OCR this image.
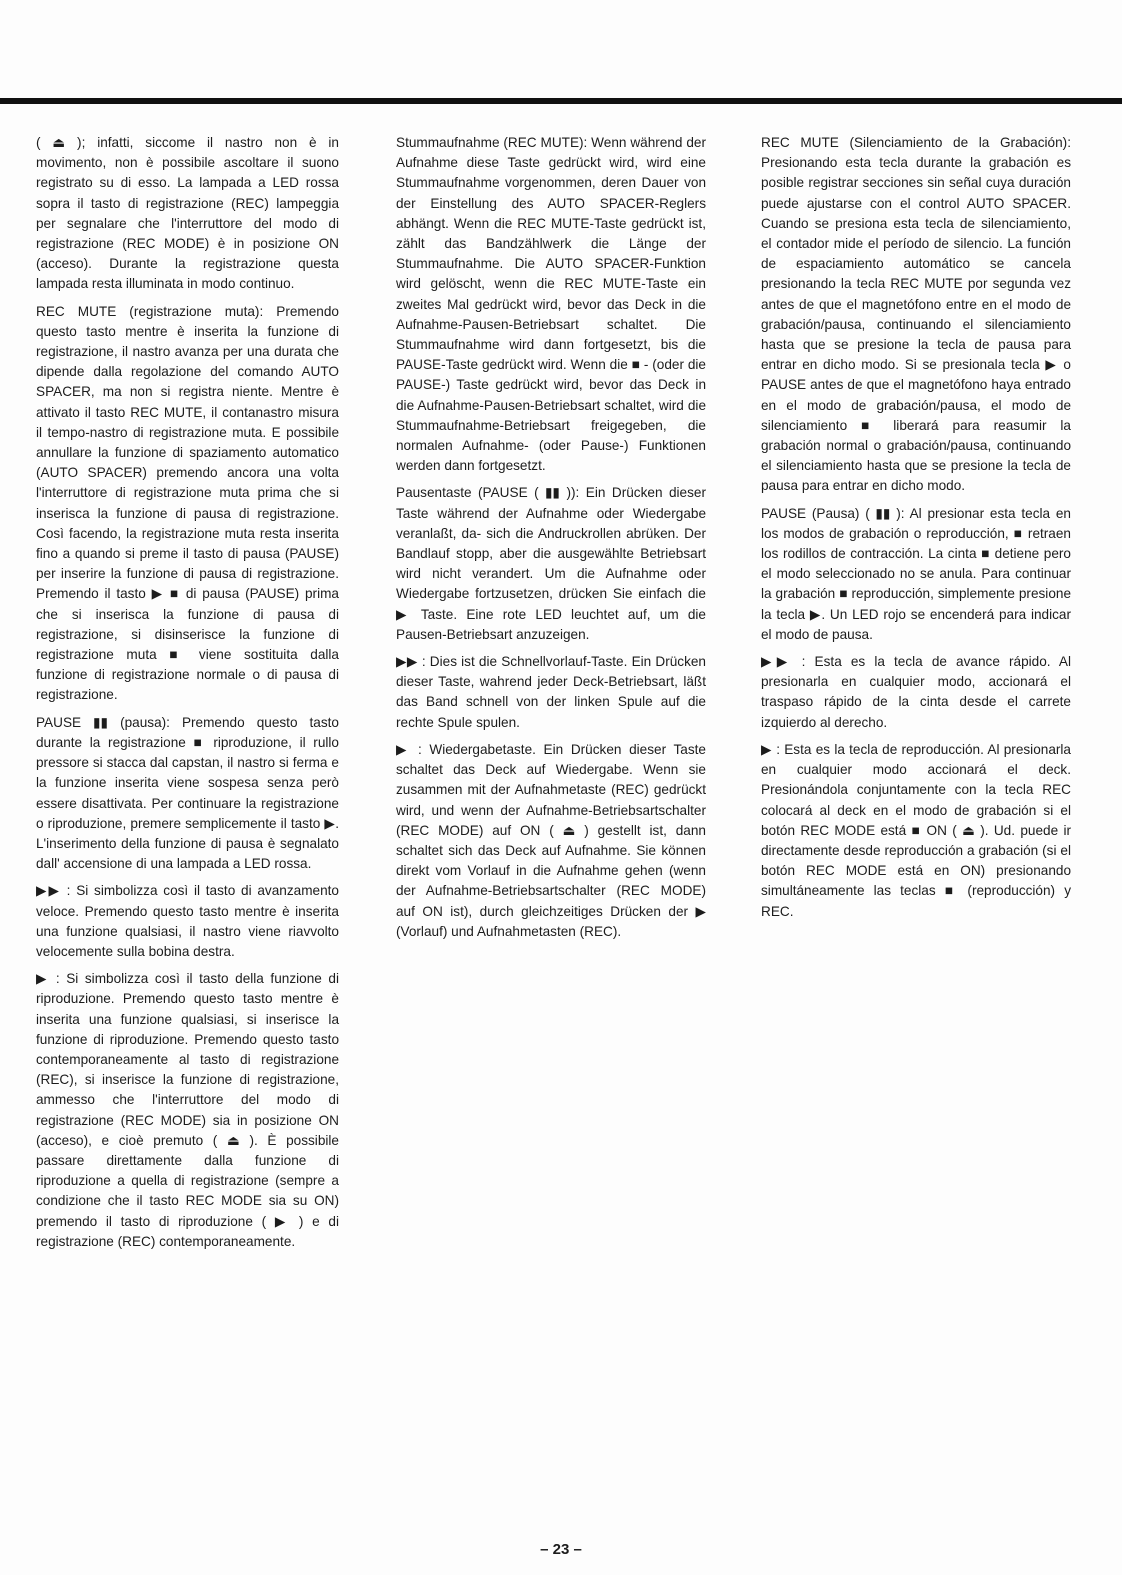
( ⏏ ); infatti, siccome il nastro non è in movimento, non è possibile ascoltare il suono registrato su di esso. La lampada a LED rossa sopra il tasto di registrazione (REC) lampeggia per segnalare che l'interruttore del modo di registrazione (REC MODE) è in posizione ON (acceso). Durante la registrazione questa lampada resta illuminata in modo continuo.

REC MUTE (registrazione muta): Premendo questo tasto mentre è inserita la funzione di registrazione, il nastro avanza per una durata che dipende dalla regolazione del comando AUTO SPACER, ma non si registra niente. Mentre è attivato il tasto REC MUTE, il contanastro misura il tempo-nastro di registrazione muta. E possibile annullare la funzione di spaziamento automatico (AUTO SPACER) premendo ancora una volta l'interruttore di registrazione muta prima che si inserisca la funzione di pausa di registrazione. Così facendo, la registrazione muta resta inserita fino a quando si preme il tasto di pausa (PAUSE) per inserire la funzione di pausa di registrazione. Premendo il tasto ▶ ■ di pausa (PAUSE) prima che si inserisca la funzione di pausa di registrazione, si disinserisce la funzione di registrazione muta ■ viene sostituita dalla funzione di registrazione normale o di pausa di registrazione.

PAUSE ▮▮ (pausa): Premendo questo tasto durante la registrazione ■ riproduzione, il rullo pressore si stacca dal capstan, il nastro si ferma e la funzione inserita viene sospesa senza però essere disattivata. Per continuare la registrazione o riproduzione, premere semplicemente il tasto ▶. L'inserimento della funzione di pausa è segnalato dall' accensione di una lampada a LED rossa.

▶▶ : Si simbolizza così il tasto di avanzamento veloce. Premendo questo tasto mentre è inserita una funzione qualsiasi, il nastro viene riavvolto velocemente sulla bobina destra.

▶ : Si simbolizza così il tasto della funzione di riproduzione. Premendo questo tasto mentre è inserita una funzione qualsiasi, si inserisce la funzione di riproduzione. Premendo questo tasto contemporaneamente al tasto di registrazione (REC), si inserisce la funzione di registrazione, ammesso che l'interruttore del modo di registrazione (REC MODE) sia in posizione ON (acceso), e cioè premuto ( ⏏ ). È possibile passare direttamente dalla funzione di riproduzione a quella di registrazione (sempre a condizione che il tasto REC MODE sia su ON) premendo il tasto di riproduzione ( ▶ ) e di registrazione (REC) contemporaneamente.

Stummaufnahme (REC MUTE): Wenn während der Aufnahme diese Taste gedrückt wird, wird eine Stummaufnahme vorgenommen, deren Dauer von der Einstellung des AUTO SPACER-Reglers abhängt. Wenn die REC MUTE-Taste gedrückt ist, zählt das Bandzählwerk die Länge der Stummaufnahme. Die AUTO SPACER-Funktion wird gelöscht, wenn die REC MUTE-Taste ein zweites Mal gedrückt wird, bevor das Deck in die Aufnahme-Pausen-Betriebsart schaltet. Die Stummaufnahme wird dann fortgesetzt, bis die PAUSE-Taste gedrückt wird. Wenn die ■ - (oder die PAUSE-) Taste gedrückt wird, bevor das Deck in die Aufnahme-Pausen-Betriebsart schaltet, wird die Stummaufnahme-Betriebsart freigegeben, die normalen Aufnahme- (oder Pause-) Funktionen werden dann fortgesetzt.

Pausentaste (PAUSE ( ▮▮ )): Ein Drücken dieser Taste während der Aufnahme oder Wiedergabe veranlaßt, da- sich die Andruckrollen abrüken. Der Bandlauf stopp, aber die ausgewählte Betriebsart wird nicht verandert. Um die Aufnahme oder Wiedergabe fortzusetzen, drücken Sie einfach die ▶ Taste. Eine rote LED leuchtet auf, um die Pausen-Betriebsart anzuzeigen.

▶▶ : Dies ist die Schnellvorlauf-Taste. Ein Drücken dieser Taste, wahrend jeder Deck-Betriebsart, läßt das Band schnell von der linken Spule auf die rechte Spule spulen.

▶ : Wiedergabetaste. Ein Drücken dieser Taste schaltet das Deck auf Wiedergabe. Wenn sie zusammen mit der Aufnahmetaste (REC) gedrückt wird, und wenn der Aufnahme-Betriebsartschalter (REC MODE) auf ON ( ⏏ ) gestellt ist, dann schaltet sich das Deck auf Aufnahme. Sie können direkt vom Vorlauf in die Aufnahme gehen (wenn der Aufnahme-Betriebsartschalter (REC MODE) auf ON ist), durch gleichzeitiges Drücken der ▶ (Vorlauf) und Aufnahmetasten (REC).

REC MUTE (Silenciamiento de la Grabación): Presionando esta tecla durante la grabación es posible registrar secciones sin señal cuya duración puede ajustarse con el control AUTO SPACER. Cuando se presiona esta tecla de silenciamiento, el contador mide el período de silencio. La función de espaciamiento automático se cancela presionando la tecla REC MUTE por segunda vez antes de que el magnetófono entre en el modo de grabación/pausa, continuando el silenciamiento hasta que se presione la tecla de pausa para entrar en dicho modo. Si se presionala tecla ▶ o PAUSE antes de que el magnetófono haya entrado en el modo de grabación/pausa, el modo de silenciamiento ■ liberará para reasumir la grabación normal o grabación/pausa, continuando el silenciamiento hasta que se presione la tecla de pausa para entrar en dicho modo.

PAUSE (Pausa) ( ▮▮ ): Al presionar esta tecla en los modos de grabación o reproducción, ■ retraen los rodillos de contracción. La cinta ■ detiene pero el modo seleccionado no se anula. Para continuar la grabación ■ reproducción, simplemente presione la tecla ▶. Un LED rojo se encenderá para indicar el modo de pausa.

▶▶ : Esta es la tecla de avance rápido. Al presionarla en cualquier modo, accionará el traspaso rápido de la cinta desde el carrete izquierdo al derecho.

▶ : Esta es la tecla de reproducción. Al presionarla en cualquier modo accionará el deck. Presionándola conjuntamente con la tecla REC colocará al deck en el modo de grabación si el botón REC MODE está ■ ON ( ⏏ ). Ud. puede ir directamente desde reproducción a grabación (si el botón REC MODE está en ON) presionando simultáneamente las teclas ■ (reproducción) y REC.

– 23 –
